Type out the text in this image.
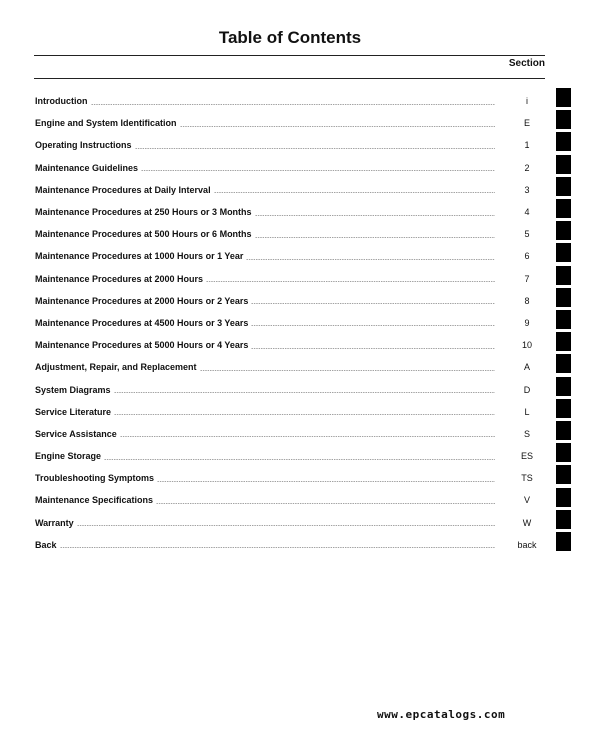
Table of Contents
Section
Introduction	i
Engine and System Identification	E
Operating Instructions	1
Maintenance Guidelines	2
Maintenance Procedures at Daily Interval	3
Maintenance Procedures at 250 Hours or 3 Months	4
Maintenance Procedures at 500 Hours or 6 Months	5
Maintenance Procedures at 1000 Hours or 1 Year	6
Maintenance Procedures at 2000 Hours	7
Maintenance Procedures at 2000 Hours or 2 Years	8
Maintenance Procedures at 4500 Hours or 3 Years	9
Maintenance Procedures at 5000 Hours or 4 Years	10
Adjustment, Repair, and Replacement	A
System Diagrams	D
Service Literature	L
Service Assistance	S
Engine Storage	ES
Troubleshooting Symptoms	TS
Maintenance Specifications	V
Warranty	W
Back	back
www.epcatalogs.com
